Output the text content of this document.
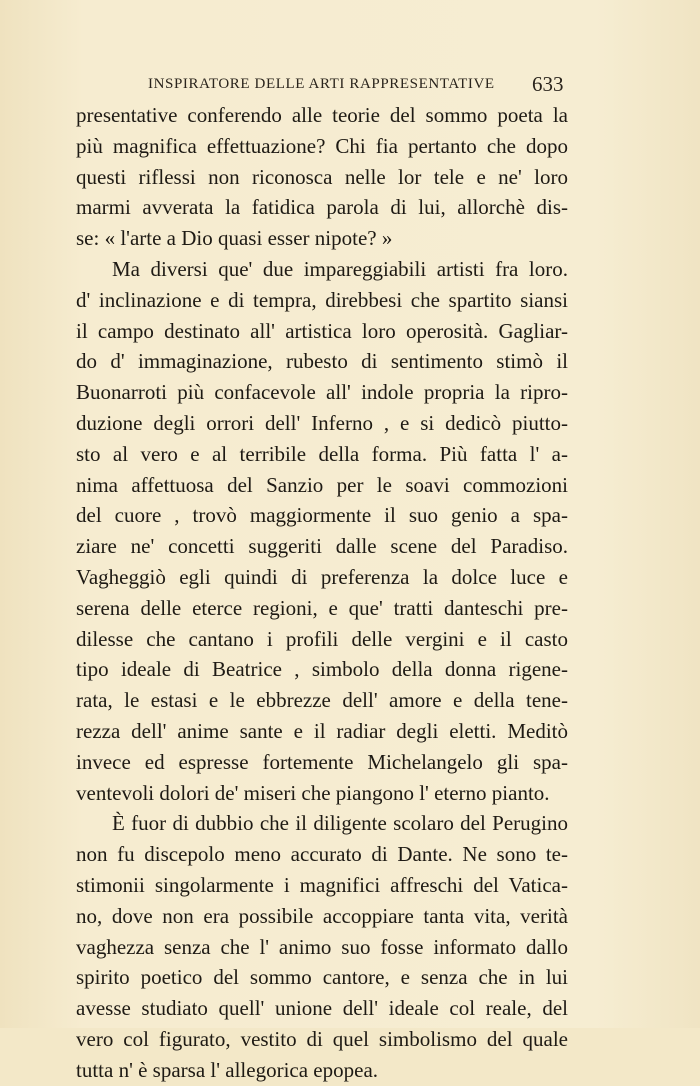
INSPIRATORE DELLE ARTI RAPPRESENTATIVE	633
presentative conferendo alle teorie del sommo poeta la
più magnifica effettuazione? Chi fia pertanto che dopo
questi riflessi non riconosca nelle lor tele e ne' loro
marmi avverata la fatidica parola di lui, allorchè dis-
se: « l'arte a Dio quasi esser nipote? »
Ma diversi que' due impareggiabili artisti fra loro.
d' inclinazione e di tempra, direbbesi che spartito siansi
il campo destinato all' artistica loro operosità. Gagliar-
do d' immaginazione, rubesto di sentimento stimò il
Buonarroti più confacevole all' indole propria la ripro-
duzione degli orrori dell' Inferno , e si dedicò piutto-
sto al vero e al terribile della forma. Più fatta l' a-
nima affettuosa del Sanzio per le soavi commozioni
del cuore , trovò maggiormente il suo genio a spa-
ziare ne' concetti suggeriti dalle scene del Paradiso.
Vagheggiò egli quindi di preferenza la dolce luce e
serena delle eterce regioni, e que' tratti danteschi pre-
dilesse che cantano i profili delle vergini e il casto
tipo ideale di Beatrice , simbolo della donna rigene-
rata, le estasi e le ebbrezze dell' amore e della tene-
rezza dell' anime sante e il radiar degli eletti. Meditò
invece ed espresse fortemente Michelangelo gli spa-
ventevoli dolori de' miseri che piangono l' eterno pianto.
È fuor di dubbio che il diligente scolaro del Perugino
non fu discepolo meno accurato di Dante. Ne sono te-
stimonii singolarmente i magnifici affreschi del Vatica-
no, dove non era possibile accoppiare tanta vita, verità
vaghezza senza che l' animo suo fosse informato dallo
spirito poetico del sommo cantore, e senza che in lui
avesse studiato quell' unione dell' ideale col reale, del
vero col figurato, vestito di quel simbolismo del quale
tutta n' è sparsa l' allegorica epopea.
